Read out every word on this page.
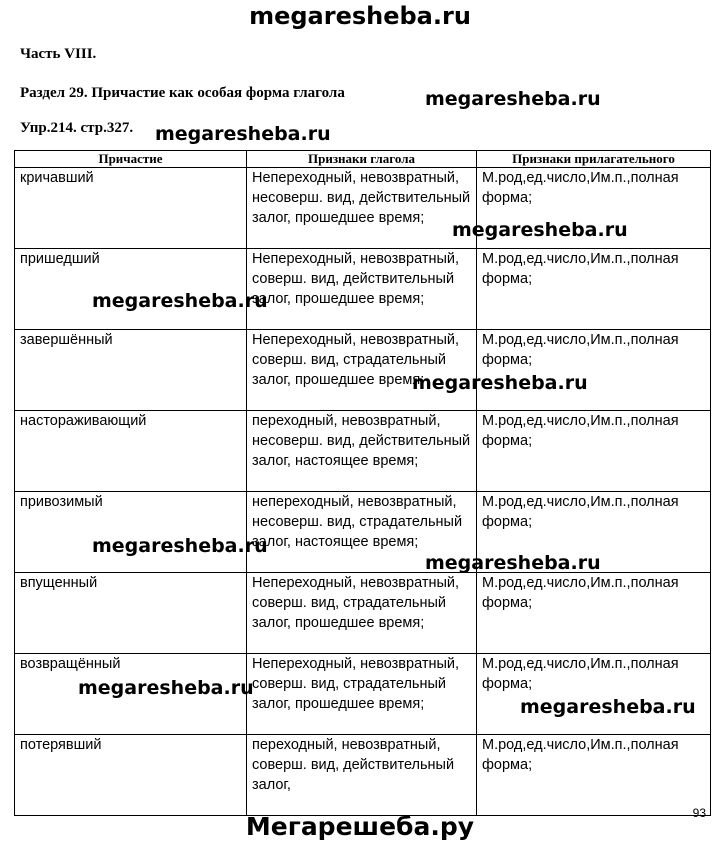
megaresheba.ru
Часть VIII.
Раздел 29. Причастие как особая форма глагола
Упр.214. стр.327.
Причастие	Признаки глагола	Признаки прилагательного
кричавший	Непереходный, невозвратный, несоверш. вид, действительный залог, прошедшее время;	М.род,ед.число,Им.п.,полная форма;
пришедший	Непереходный, невозвратный, соверш. вид, действительный залог, прошедшее время;	М.род,ед.число,Им.п.,полная форма;
завершённый	Непереходный, невозвратный, соверш. вид, страдательный залог, прошедшее время;	М.род,ед.число,Им.п.,полная форма;
настораживающий	переходный, невозвратный, несоверш. вид, действительный залог, настоящее время;	М.род,ед.число,Им.п.,полная форма;
привозимый	непереходный, невозвратный, несоверш. вид, страдательный залог, настоящее время;	М.род,ед.число,Им.п.,полная форма;
впущенный	Непереходный, невозвратный, соверш. вид, страдательный залог, прошедшее время;	М.род,ед.число,Им.п.,полная форма;
возвращённый	Непереходный, невозвратный, соверш. вид, страдательный залог, прошедшее время;	М.род,ед.число,Им.п.,полная форма;
потерявший	переходный, невозвратный, соверш. вид, действительный залог,	М.род,ед.число,Им.п.,полная форма;
megaresheba.ru
megaresheba.ru
megaresheba.ru
megaresheba.ru
megaresheba.ru
megaresheba.ru
megaresheba.ru
megaresheba.ru
megaresheba.ru
93
Мегарешеба.ру
